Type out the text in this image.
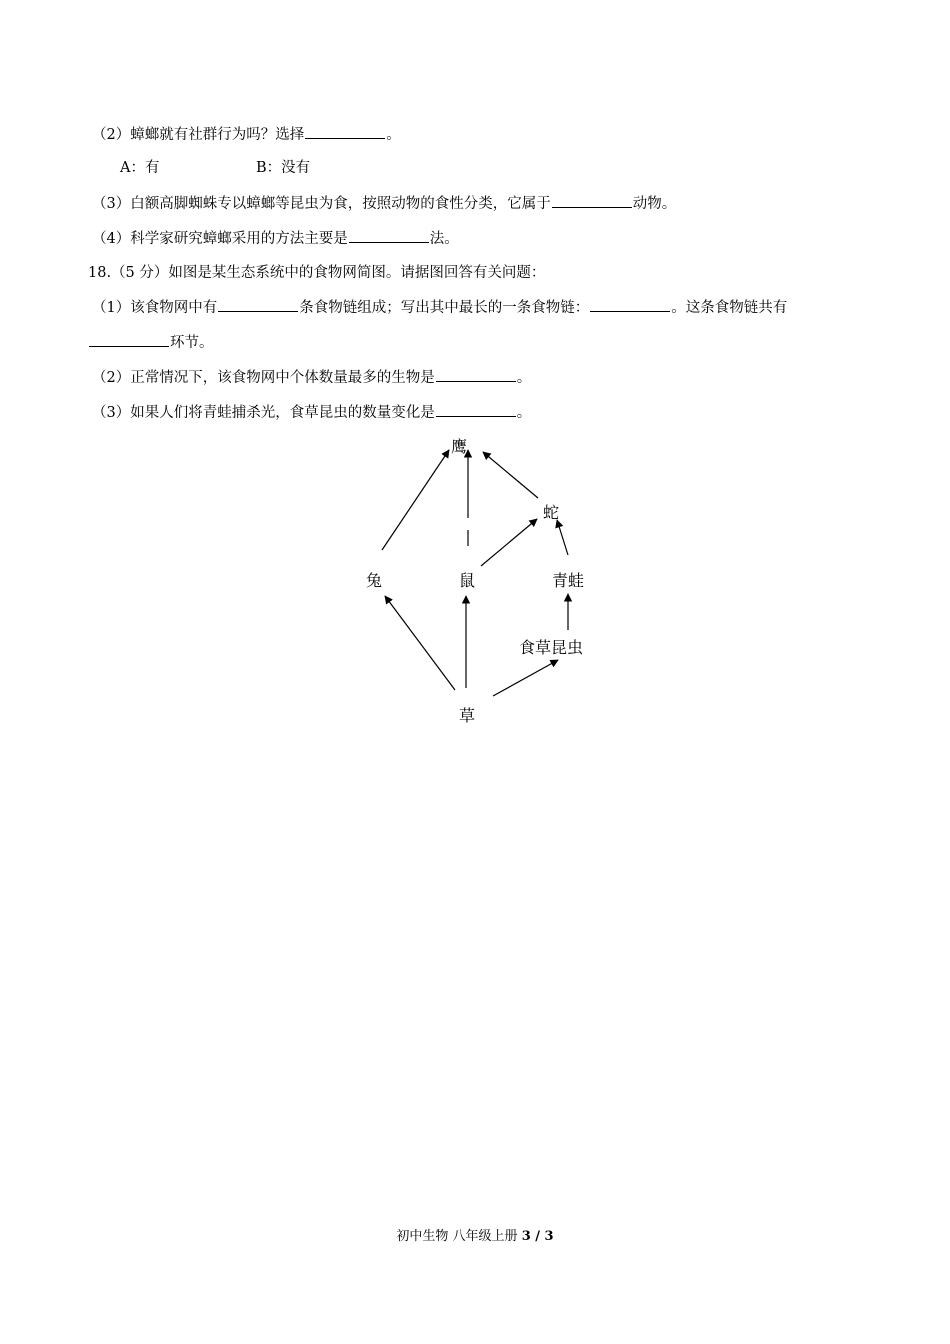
（2）蟑螂就有社群行为吗？选择	。
A：有	B：没有
（3）白额高脚蜘蛛专以蟑螂等昆虫为食，按照动物的食性分类，它属于	动物。
（4）科学家研究蟑螂采用的方法主要是	法。
18.（5 分）如图是某生态系统中的食物网简图。请据图回答有关问题：
（1）该食物网中有	条食物链组成；写出其中最长的一条食物链：	。这条食物链共有
环节。
（2）正常情况下，该食物网中个体数量最多的生物是	。
（3）如果人们将青蛙捕杀光，食草昆虫的数量变化是	。
鹰
蛇
兔	鼠	青蛙
食草昆虫
草
初中生物 八年级上册 3 / 3
